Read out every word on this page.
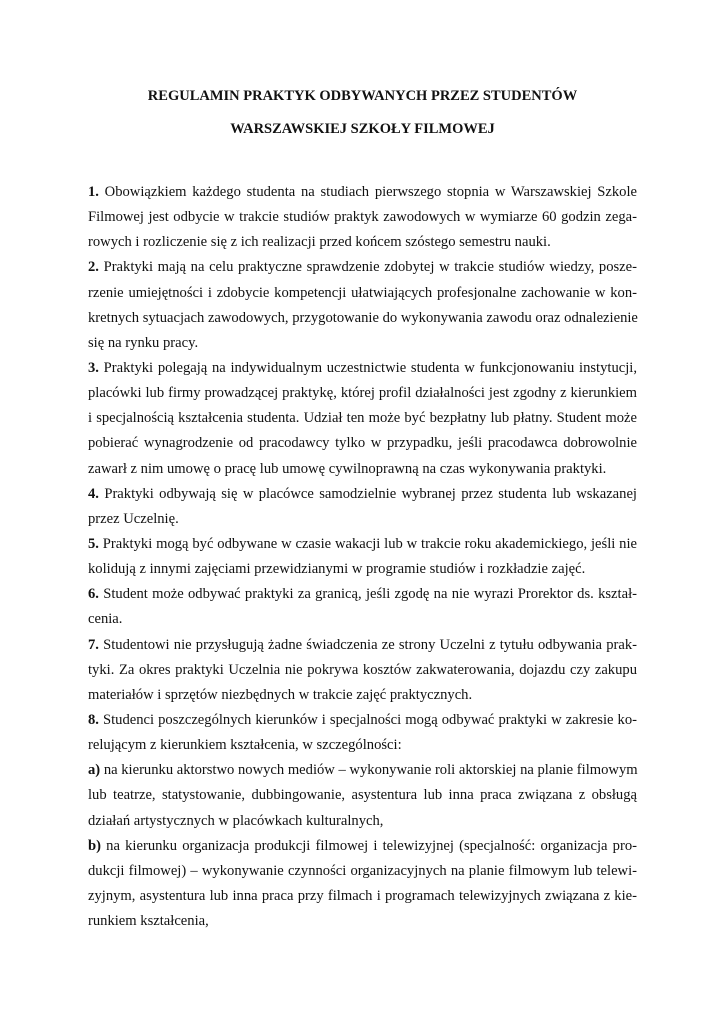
REGULAMIN PRAKTYK ODBYWANYCH PRZEZ STUDENTÓW
WARSZAWSKIEJ SZKOŁY FILMOWEJ
1. Obowiązkiem każdego studenta na studiach pierwszego stopnia w Warszawskiej Szkole
Filmowej jest odbycie w trakcie studiów praktyk zawodowych w wymiarze 60 godzin zega-
rowych i rozliczenie się z ich realizacji przed końcem szóstego semestru nauki.
2. Praktyki mają na celu praktyczne sprawdzenie zdobytej w trakcie studiów wiedzy, posze-
rzenie umiejętności i zdobycie kompetencji ułatwiających profesjonalne zachowanie w kon-
kretnych sytuacjach zawodowych, przygotowanie do wykonywania zawodu oraz odnalezienie
się na rynku pracy.
3. Praktyki polegają na indywidualnym uczestnictwie studenta w funkcjonowaniu instytucji,
placówki lub firmy prowadzącej praktykę, której profil działalności jest zgodny z kierunkiem
i specjalnością kształcenia studenta. Udział ten może być bezpłatny lub płatny. Student może
pobierać wynagrodzenie od pracodawcy tylko w przypadku, jeśli pracodawca dobrowolnie
zawarł z nim umowę o pracę lub umowę cywilnoprawną na czas wykonywania praktyki.
4. Praktyki odbywają się w placówce samodzielnie wybranej przez studenta lub wskazanej
przez Uczelnię.
5. Praktyki mogą być odbywane w czasie wakacji lub w trakcie roku akademickiego, jeśli nie
kolidują z innymi zajęciami przewidzianymi w programie studiów i rozkładzie zajęć.
6. Student może odbywać praktyki za granicą, jeśli zgodę na nie wyrazi Prorektor ds. kształ-
cenia.
7. Studentowi nie przysługują żadne świadczenia ze strony Uczelni z tytułu odbywania prak-
tyki. Za okres praktyki Uczelnia nie pokrywa kosztów zakwaterowania, dojazdu czy zakupu
materiałów i sprzętów niezbędnych w trakcie zajęć praktycznych.
8. Studenci poszczególnych kierunków i specjalności mogą odbywać praktyki w zakresie ko-
relującym z kierunkiem kształcenia, w szczególności:
a) na kierunku aktorstwo nowych mediów – wykonywanie roli aktorskiej na planie filmowym
lub teatrze, statystowanie, dubbingowanie, asystentura lub inna praca związana z obsługą
działań artystycznych w placówkach kulturalnych,
b) na kierunku organizacja produkcji filmowej i telewizyjnej (specjalność: organizacja pro-
dukcji filmowej) – wykonywanie czynności organizacyjnych na planie filmowym lub telewi-
zyjnym, asystentura lub inna praca przy filmach i programach telewizyjnych związana z kie-
runkiem kształcenia,
